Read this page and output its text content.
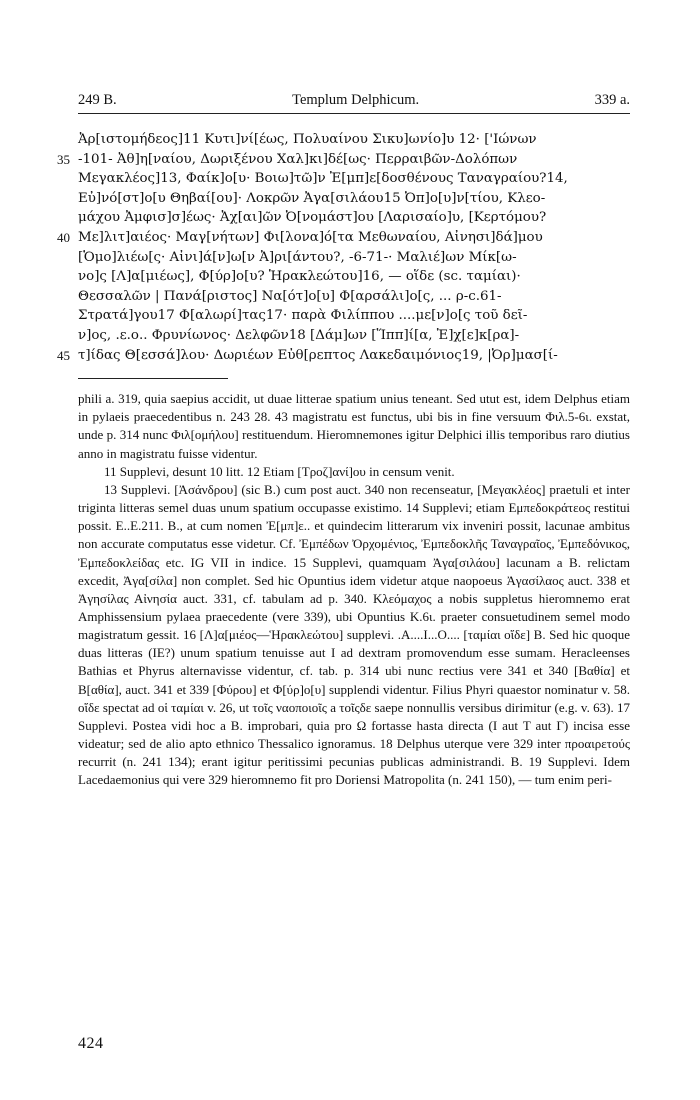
249 B.	Templum Delphicum.	339 a.
Ἀρ[ιστομήδεος]11 Κυτι]νί[έως, Πολυαίνου Σικυ]ωνίο]υ 12· ['Ιώνων
35 -101- Ἀθ]η[ναίου, Δωριξένου Χαλ]κι]δέ[ως· Περραιβῶν-Δολόπων
Μεγακλέος]13, Φαίκ]ο[υ· Βοιω]τῶ]ν Ἐ[μπ]ε[δοσθένους Ταναγραίου?14,
Εὐ]νό[στ]ο[υ Θηβαί[ου]· Λοκρῶν Ἀγα[σιλάου15 Ὀπ]ο[υ]ν[τίου, Κλεο-
μάχου Ἀμφισ]σ]έως· Ἀχ[αι]ῶν Ὀ[νομάστ]ου [Λαρισαίο]υ, [Κερτόμου?
40 Με]λιτ]αιέος· Μαγ[νήτων] Φι[λονα]ό[τα Μεθωναίου, Αἰνησι]δά]μου
[Ὁμο]λιέω[ς· Αἰνι]ά[ν]ω[ν Ἀ]ρι[άντου?, -6-71-· Μαλιέ]ων Μίκ[ω-
νο]ς [Λ]α[μιέως], Φ[ύρ]ο[υ? Ἡρακλεώτου]16, — οἵδε (sc. ταμίαι)·
Θεσσαλῶν | Πανά[ριστος] Να[ότ]ο[υ] Φ[αρσάλι]ο[ς, ... ρ-c.61-
Στρατά]γου17 Φ[αλωρί]τας17· παρὰ Φιλίππου ....με[ν]ο[ς τοῦ δεῖ-
ν]ος, .ε.ο.. Φρυνίωνος· Δελφῶν18 [Δάμ]ων [Ἵππ]ί[α, Ἐ]χ[ε]κ[ρα]-
45 τ]ίδας Θ[εσσά]λου· Δωριέων Εὐθ[ρεπτος Λακεδαιμόνιος19, |Ὀρ]μασ[ί-

phili a. 319, quia saepius accidit, ut duae litterae spatium unius teneant. Sed utut est, idem Delphus etiam in pylaeis praecedentibus n. 243 28. 43 magistratu est functus, ubi bis in fine versuum Φιλ.5-6ι. exstat, unde p. 314 nunc Φιλ[ομήλου] restituendum. Hieromnemones igitur Delphici illis temporibus raro diutius anno in magistratu fuisse videntur.

11 Supplevi, desunt 10 litt. 12 Etiam [Τροζ]ανί]ου in censum venit.

13 Supplevi. [Ἀσάνδρου] (sic B.) cum post auct. 340 non recenseatur, [Μεγακλέος] praetuli et inter triginta litteras semel duas unum spatium occupasse existimo. 14 Supplevi; etiam Εμπεδοκράτεος restitui possit. Ε..Ε.211. B., at cum nomen Ἐ[μπ]ε.. et quindecim litterarum vix inveniri possit, lacunae ambitus non accurate computatus esse videtur. Cf. Ἐμπέδων Ὀρχομένιος, Ἐμπεδοκλῆς Ταναγραῖος, Ἐμπεδόνικος, Ἐμπεδοκλείδας etc. IG VII in indice. 15 Supplevi, quamquam Ἀγα[σιλάου] lacunam a B. relictam excedit, Ἀγα[σίλα] non complet. Sed hic Opuntius idem videtur atque naopoeus Ἀγασίλαος auct. 338 et Ἀγησίλας Αἰνησία auct. 331, cf. tabulam ad p. 340. Κλεόμαχος a nobis suppletus hieromnemo erat Amphissensium pylaea praecedente (vere 339), ubi Opuntius Κ.6ι. praeter consuetudinem semel modo magistratum gessit. 16 [Λ]α[μιέος—Ἡρακλεώτου] supplevi. .Α....Ι...Ο.... [ταμίαι οἵδε] B. Sed hic quoque duas litteras (ΙΕ?) unum spatium tenuisse aut Ι ad dextram promovendum esse sumam. Heracleenses Bathias et Phyrus alternavisse videntur, cf. tab. p. 314 ubi nunc rectius vere 341 et 340 [Βαθία] et Β[αθία], auct. 341 et 339 [Φύρου] et Φ[ύρ]ο[υ] supplendi videntur. Filius Phyri quaestor nominatur v. 58. οἵδε spectat ad οἱ ταμίαι v. 26, ut τοῖς ναοποιοῖς a τοῖςδε saepe nonnullis versibus dirimitur (e.g. v. 63). 17 Supplevi. Postea vidi hoc a B. improbari, quia pro Ω fortasse hasta directa (Ι aut Τ aut Γ) incisa esse videatur; sed de alio apto ethnico Thessalico ignoramus. 18 Delphus uterque vere 329 inter προαιρετούς recurrit (n. 241 134); erant igitur peritissimi pecunias publicas administrandi. B. 19 Supplevi. Idem Lacedaemonius qui vere 329 hieromnemo fit pro Doriensi Matropolita (n. 241 150), — tum enim peri-

424
